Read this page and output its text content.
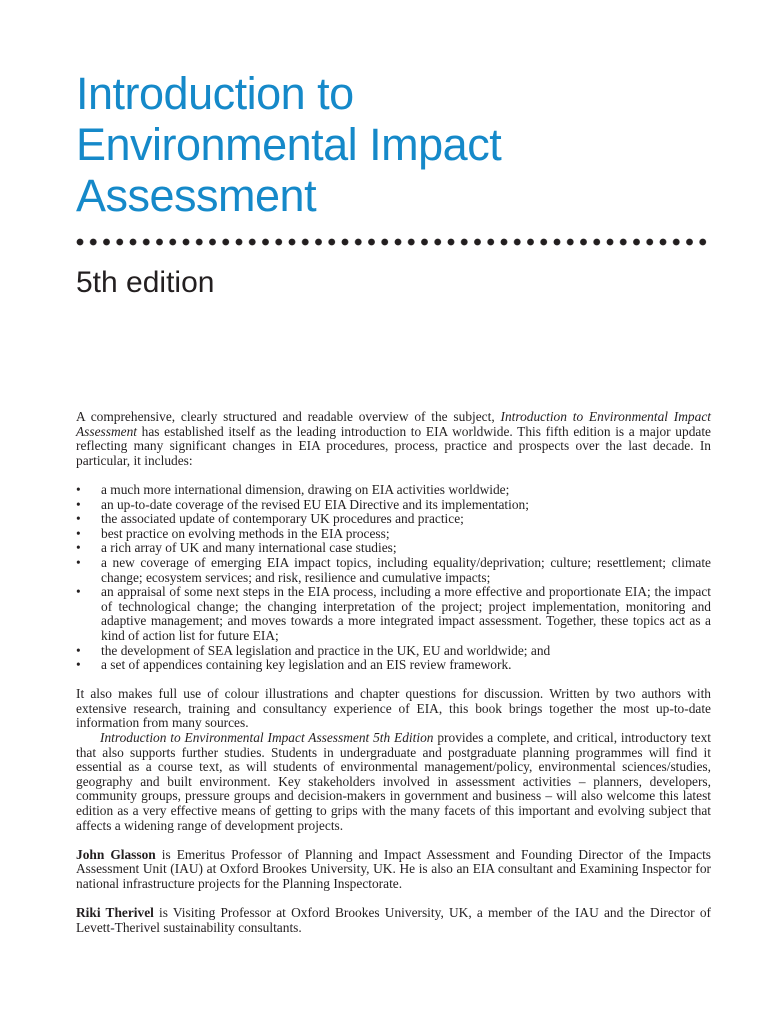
Introduction to
Environmental Impact
Assessment
5th edition

A comprehensive, clearly structured and readable overview of the subject, Introduction to Environmental Impact Assessment has established itself as the leading introduction to EIA worldwide. This fifth edition is a major update reflecting many significant changes in EIA procedures, process, practice and prospects over the last decade. In particular, it includes:

• a much more international dimension, drawing on EIA activities worldwide;
• an up-to-date coverage of the revised EU EIA Directive and its implementation;
• the associated update of contemporary UK procedures and practice;
• best practice on evolving methods in the EIA process;
• a rich array of UK and many international case studies;
• a new coverage of emerging EIA impact topics, including equality/deprivation; culture; resettlement; climate change; ecosystem services; and risk, resilience and cumulative impacts;
• an appraisal of some next steps in the EIA process, including a more effective and proportionate EIA; the impact of technological change; the changing interpretation of the project; project implementation, monitoring and adaptive management; and moves towards a more integrated impact assessment. Together, these topics act as a kind of action list for future EIA;
• the development of SEA legislation and practice in the UK, EU and worldwide; and
• a set of appendices containing key legislation and an EIS review framework.

It also makes full use of colour illustrations and chapter questions for discussion. Written by two authors with extensive research, training and consultancy experience of EIA, this book brings together the most up-to-date information from many sources.

Introduction to Environmental Impact Assessment 5th Edition provides a complete, and critical, introductory text that also supports further studies. Students in undergraduate and postgraduate planning programmes will find it essential as a course text, as will students of environmental management/policy, environmental sciences/studies, geography and built environment. Key stakeholders involved in assessment activities – planners, developers, community groups, pressure groups and decision-makers in government and business – will also welcome this latest edition as a very effective means of getting to grips with the many facets of this important and evolving subject that affects a widening range of development projects.

John Glasson is Emeritus Professor of Planning and Impact Assessment and Founding Director of the Impacts Assessment Unit (IAU) at Oxford Brookes University, UK. He is also an EIA consultant and Examining Inspector for national infrastructure projects for the Planning Inspectorate.

Riki Therivel is Visiting Professor at Oxford Brookes University, UK, a member of the IAU and the Director of Levett-Therivel sustainability consultants.
